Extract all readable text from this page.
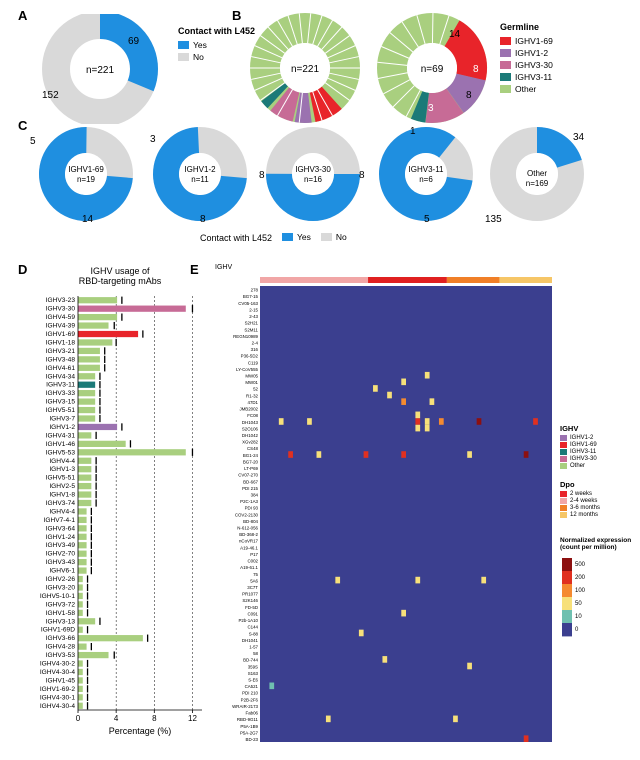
A
n=221
69
152
Contact with L452
Yes
No
B
n=221	n=69
14
8
8
3
Germline
IGHV1-69
IGHV1-2
IGHV3-30
IGHV3-11
Other
C
IGHV1-69
n=19
5
14
IGHV1-2
n=11
3
8
IGHV3-30
n=16
8	8
IGHV3-11
n=6
1
5
Other
n=169
34
135
Contact with L452	Yes	No
D	IGHV usage of
RBD-targeting mAbs
IGHV3-23
IGHV3-30
IGHV4-59
IGHV4-39
IGHV1-69
IGHV1-18
IGHV3-21
IGHV3-48
IGHV4-61
IGHV4-34
IGHV3-11
IGHV3-33
IGHV3-15
IGHV5-51
IGHV3-7
IGHV1-2
IGHV4-31
IGHV1-46
IGHV5-53
IGHV4-4
IGHV1-3
IGHV5-51
IGHV2-5
IGHV1-8
IGHV3-74
IGHV4-4
IGHV7-4-1
IGHV3-64
IGHV1-24
IGHV3-49
IGHV2-70
IGHV3-43
IGHV6-1
IGHV2-26
IGHV3-20
IGHV5-10-1
IGHV3-72
IGHV1-58
IGHV3-13
IGHV1-69D
IGHV3-66
IGHV4-28
IGHV3-53
IGHV4-30-2
IGHV4-30-4
IGHV1-45
IGHV1-69-2
IGHV4-30-1
IGHV4-30-4
0	4	8	12
Percentage (%)
E IGHV
278
BG7-15
CV05-163
2-15
2-43
S2H21
S2M11
REGN10989
2-4
316
P36-5D2
C119
LY-CoV555
MW05
MW01
52
R1-32
47D1
JMB2002
FC08
DH1043
S2O106
DH1042
XGv282
CS48
BG1-24
BG7-20
LT-P69
CV07-270
BD-667
PDI 215
384
P2C-1A3
PDI 93
COV2-2130
BD-804
N-612-056
BD-368-2
nCoVR17
A19-46.1
P17
C002
A19-61.1
75
5A6
3C7T
PR1077
S2K146
FD-5D
C091
P2b-1A10
C144
S-88
DH1041
1-57
58
BD-744
359S
S163
S-E6
CA521
PDI 210
P2B-2F6
WRAIR-2173
Fab06
RBD-9G11
P5A-1B9
P5A-2G7
BD-23
IGHV
IGHV1-2
IGHV1-69
IGHV3-11
IGHV3-30
Other
Dpo
2 weeks
2-4 weeks
3-6 months
12 months
Normalized expression
(count per million)
500
200
100
50
10
0
